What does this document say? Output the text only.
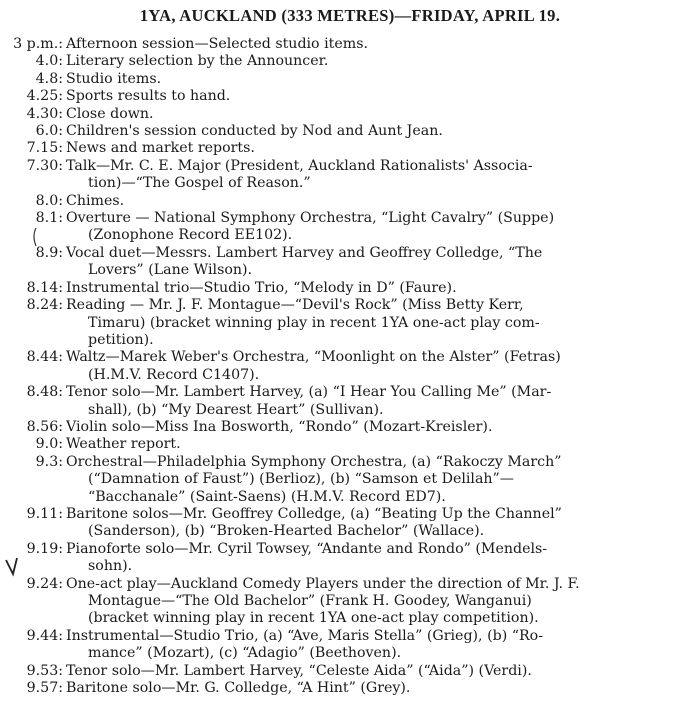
1YA, AUCKLAND (333 METRES)—FRIDAY, APRIL 19.
3 p.m.: Afternoon session—Selected studio items.
4.0: Literary selection by the Announcer.
4.8: Studio items.
4.25: Sports results to hand.
4.30: Close down.
6.0: Children's session conducted by Nod and Aunt Jean.
7.15: News and market reports.
7.30: Talk—Mr. C. E. Major (President, Auckland Rationalists' Associa-
tion)—“The Gospel of Reason.”
8.0: Chimes.
8.1: Overture — National Symphony Orchestra, “Light Cavalry” (Suppe)
(Zonophone Record EE102).
8.9: Vocal duet—Messrs. Lambert Harvey and Geoffrey Colledge, “The
Lovers” (Lane Wilson).
8.14: Instrumental trio—Studio Trio, “Melody in D” (Faure).
8.24: Reading — Mr. J. F. Montague—“Devil's Rock” (Miss Betty Kerr,
Timaru) (bracket winning play in recent 1YA one-act play com-
petition).
8.44: Waltz—Marek Weber's Orchestra, “Moonlight on the Alster” (Fetras)
(H.M.V. Record C1407).
8.48: Tenor solo—Mr. Lambert Harvey, (a) “I Hear You Calling Me” (Mar-
shall), (b) “My Dearest Heart” (Sullivan).
8.56: Violin solo—Miss Ina Bosworth, “Rondo” (Mozart-Kreisler).
9.0: Weather report.
9.3: Orchestral—Philadelphia Symphony Orchestra, (a) “Rakoczy March”
(“Damnation of Faust”) (Berlioz), (b) “Samson et Delilah”—
“Bacchanale” (Saint-Saens) (H.M.V. Record ED7).
9.11: Baritone solos—Mr. Geoffrey Colledge, (a) “Beating Up the Channel”
(Sanderson), (b) “Broken-Hearted Bachelor” (Wallace).
9.19: Pianoforte solo—Mr. Cyril Towsey, “Andante and Rondo” (Mendels-
sohn).
9.24: One-act play—Auckland Comedy Players under the direction of Mr. J. F.
Montague—“The Old Bachelor” (Frank H. Goodey, Wanganui)
(bracket winning play in recent 1YA one-act play competition).
9.44: Instrumental—Studio Trio, (a) “Ave, Maris Stella” (Grieg), (b) “Ro-
mance” (Mozart), (c) “Adagio” (Beethoven).
9.53: Tenor solo—Mr. Lambert Harvey, “Celeste Aida” (“Aida”) (Verdi).
9.57: Baritone solo—Mr. G. Colledge, “A Hint” (Grey).
